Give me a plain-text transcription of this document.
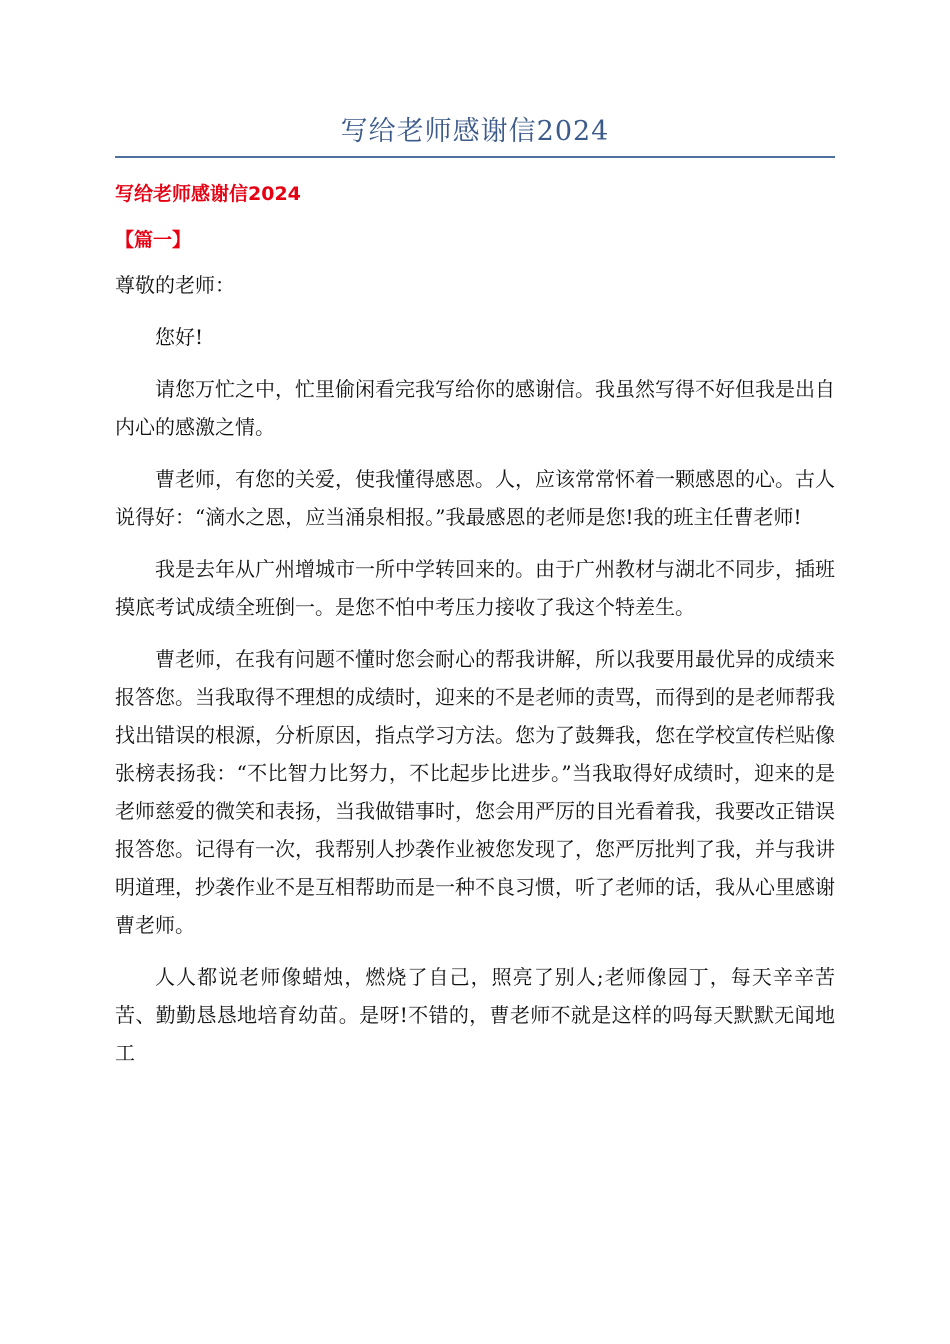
写给老师感谢信2024
写给老师感谢信2024
【篇一】
尊敬的老师：

您好!

请您万忙之中，忙里偷闲看完我写给你的感谢信。我虽然写得不好但我是出自内心的感激之情。

曹老师，有您的关爱，使我懂得感恩。人，应该常常怀着一颗感恩的心。古人说得好：“滴水之恩，应当涌泉相报。”我最感恩的老师是您!我的班主任曹老师!

我是去年从广州增城市一所中学转回来的。由于广州教材与湖北不同步，插班摸底考试成绩全班倒一。是您不怕中考压力接收了我这个特差生。

曹老师，在我有问题不懂时您会耐心的帮我讲解，所以我要用最优异的成绩来报答您。当我取得不理想的成绩时，迎来的不是老师的责骂，而得到的是老师帮我找出错误的根源，分析原因，指点学习方法。您为了鼓舞我，您在学校宣传栏贴像张榜表扬我：“不比智力比努力，不比起步比进步。”当我取得好成绩时，迎来的是老师慈爱的微笑和表扬，当我做错事时，您会用严厉的目光看着我，我要改正错误报答您。记得有一次，我帮别人抄袭作业被您发现了，您严厉批判了我，并与我讲明道理，抄袭作业不是互相帮助而是一种不良习惯，听了老师的话，我从心里感谢曹老师。

人人都说老师像蜡烛，燃烧了自己，照亮了别人;老师像园丁，每天辛辛苦苦、勤勤恳恳地培育幼苗。是呀!不错的，曹老师不就是这样的吗每天默默无闻地工
